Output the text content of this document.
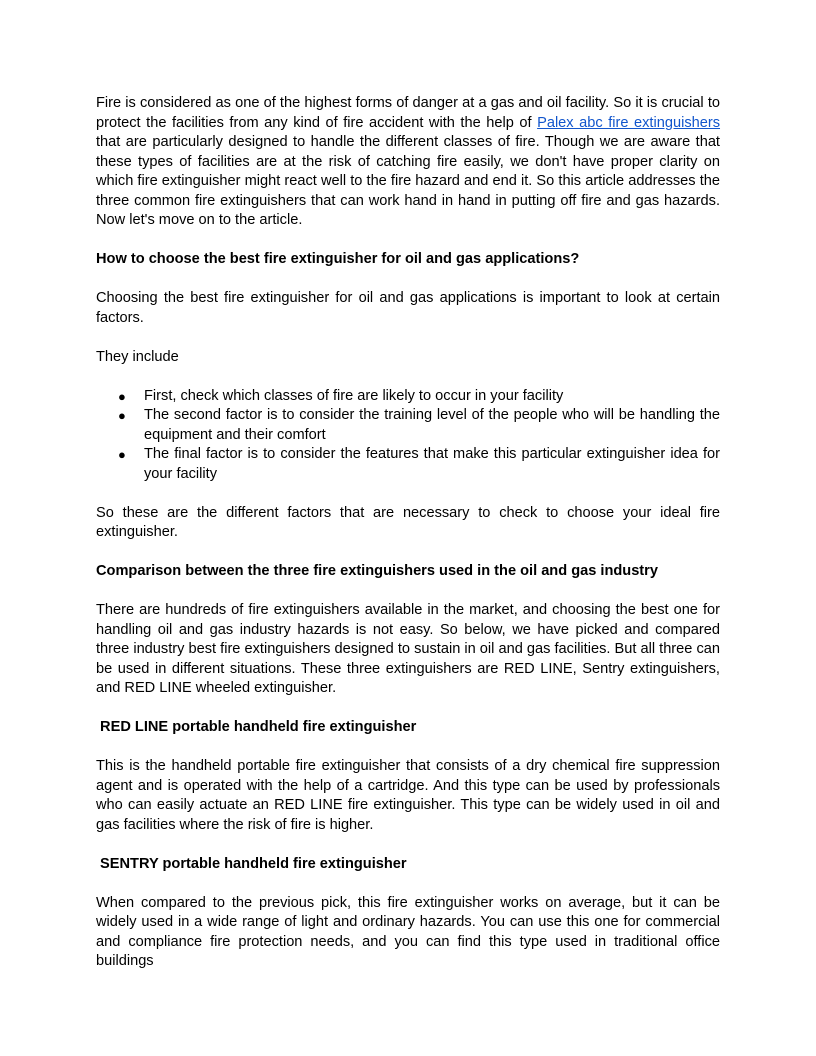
Fire is considered as one of the highest forms of danger at a gas and oil facility. So it is crucial to protect the facilities from any kind of fire accident with the help of Palex abc fire extinguishers that are particularly designed to handle the different classes of fire. Though we are aware that these types of facilities are at the risk of catching fire easily, we don't have proper clarity on which fire extinguisher might react well to the fire hazard and end it. So this article addresses the three common fire extinguishers that can work hand in hand in putting off fire and gas hazards. Now let's move on to the article.

How to choose the best fire extinguisher for oil and gas applications?

Choosing the best fire extinguisher for oil and gas applications is important to look at certain factors.

They include

● First, check which classes of fire are likely to occur in your facility
● The second factor is to consider the training level of the people who will be handling the equipment and their comfort
● The final factor is to consider the features that make this particular extinguisher idea for your facility

So these are the different factors that are necessary to check to choose your ideal fire extinguisher.

Comparison between the three fire extinguishers used in the oil and gas industry

There are hundreds of fire extinguishers available in the market, and choosing the best one for handling oil and gas industry hazards is not easy. So below, we have picked and compared three industry best fire extinguishers designed to sustain in oil and gas facilities. But all three can be used in different situations. These three extinguishers are RED LINE, Sentry extinguishers, and RED LINE wheeled extinguisher.

RED LINE portable handheld fire extinguisher

This is the handheld portable fire extinguisher that consists of a dry chemical fire suppression agent and is operated with the help of a cartridge. And this type can be used by professionals who can easily actuate an RED LINE fire extinguisher. This type can be widely used in oil and gas facilities where the risk of fire is higher.

SENTRY portable handheld fire extinguisher

When compared to the previous pick, this fire extinguisher works on average, but it can be widely used in a wide range of light and ordinary hazards. You can use this one for commercial and compliance fire protection needs, and you can find this type used in traditional office buildings
